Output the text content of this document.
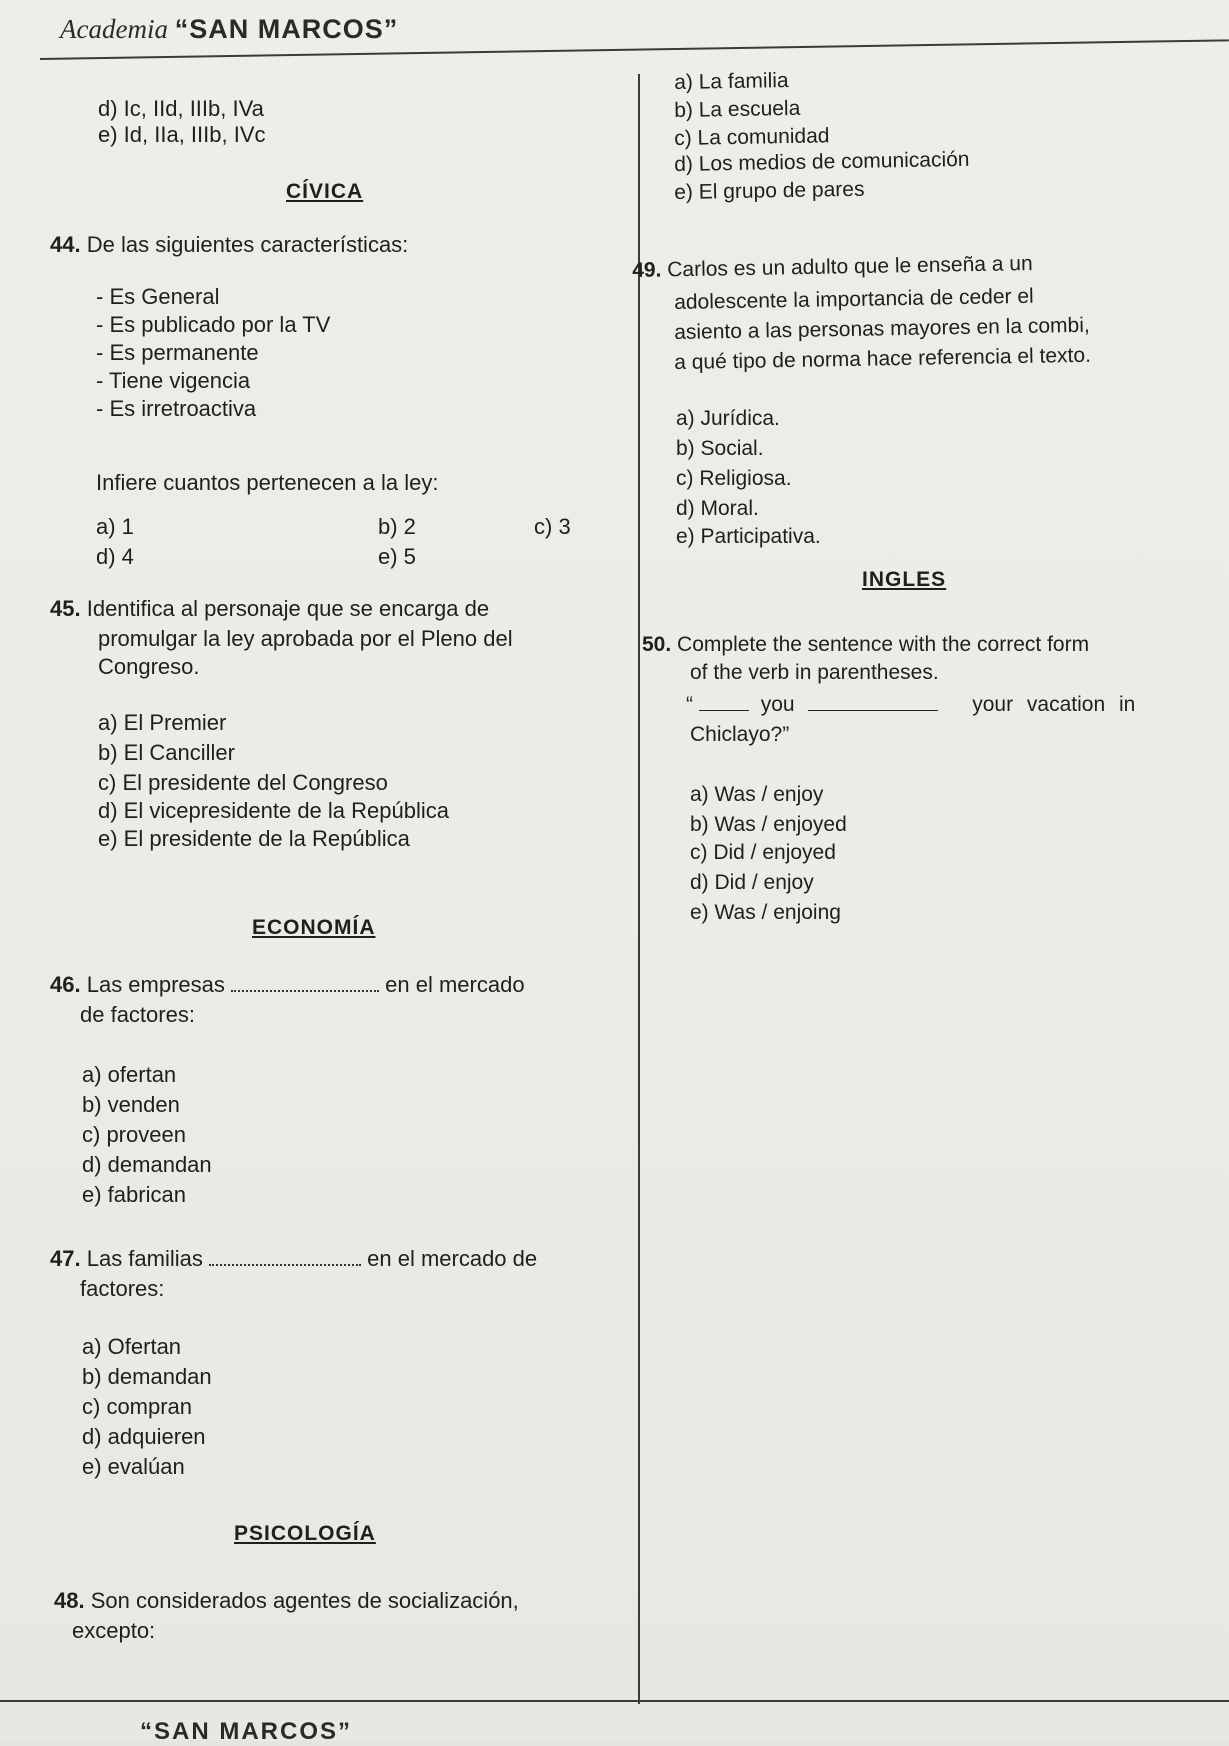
Academia “SAN MARCOS”
d) Ic, IId, IIIb, IVa
e) Id, IIa, IIIb, IVc
CÍVICA
44. De las siguientes características:
- Es General
- Es publicado por la TV
- Es permanente
- Tiene vigencia
- Es irretroactiva
Infiere cuantos pertenecen a la ley:
a) 1	b) 2	c) 3
d) 4	e) 5
45. Identifica al personaje que se encarga de
promulgar la ley aprobada por el Pleno del
Congreso.
a) El Premier
b) El Canciller
c) El presidente del Congreso
d) El vicepresidente de la República
e) El presidente de la República
ECONOMÍA
46. Las empresas	en el mercado
de factores:
a) ofertan
b) venden
c) proveen
d) demandan
e) fabrican
47. Las familias	en el mercado de
factores:
a) Ofertan
b) demandan
c) compran
d) adquieren
e) evalúan
PSICOLOGÍA
48. Son considerados agentes de socialización,
excepto:
a) La familia
b) La escuela
c) La comunidad
d) Los medios de comunicación
e) El grupo de pares
49. Carlos es un adulto que le enseña a un
adolescente la importancia de ceder el
asiento a las personas mayores en la combi,
a qué tipo de norma hace referencia el texto.
a) Jurídica.
b) Social.
c) Religiosa.
d) Moral.
e) Participativa.
INGLES
50. Complete the sentence with the correct form
of the verb in parentheses.
“	you	your vacation in
Chiclayo?”
a) Was / enjoy
b) Was / enjoyed
c) Did / enjoyed
d) Did / enjoy
e) Was / enjoing
“SAN MARCOS”
